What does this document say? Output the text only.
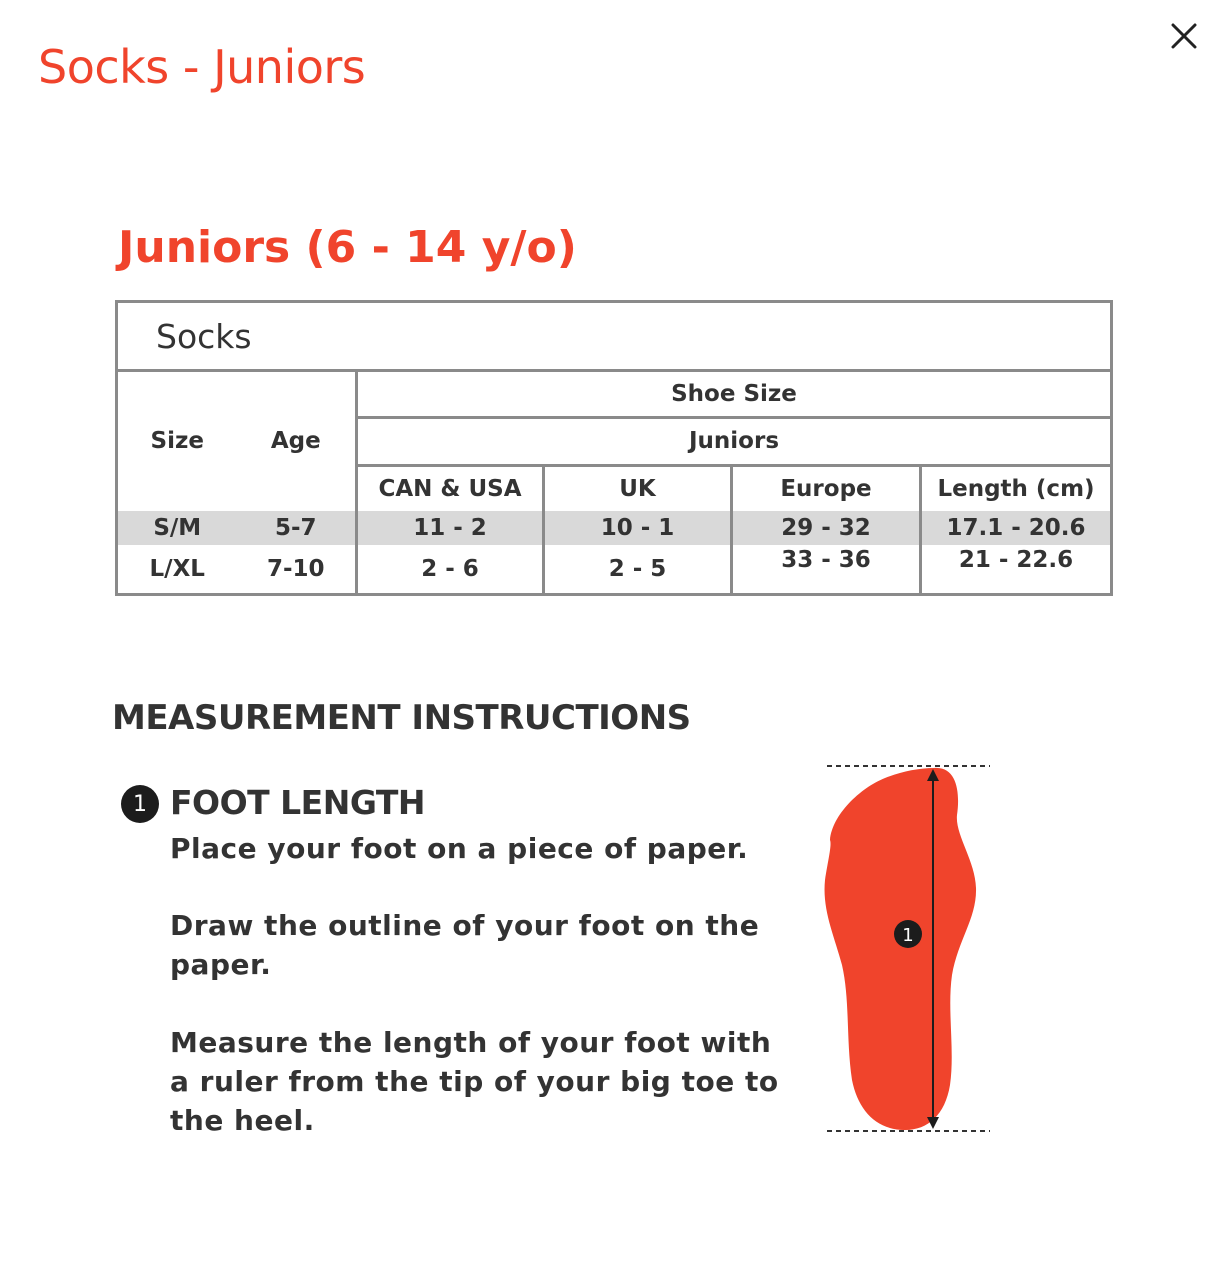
Socks - Juniors
Juniors (6 - 14 y/o)
Socks					
Size	Age	Shoe Size			
		Juniors			
		CAN & USA	UK	Europe	Length (cm)
S/M	5-7	11 - 2	10 - 1	29 - 32	17.1 - 20.6
L/XL	7-10	2 - 6	2 - 5	33 - 36	21 - 22.6
MEASUREMENT INSTRUCTIONS
1 FOOT LENGTH

Place your foot on a piece of paper.

Draw the outline of your foot on the paper.

Measure the length of your foot with a ruler from the tip of your big toe to the heel.

1
